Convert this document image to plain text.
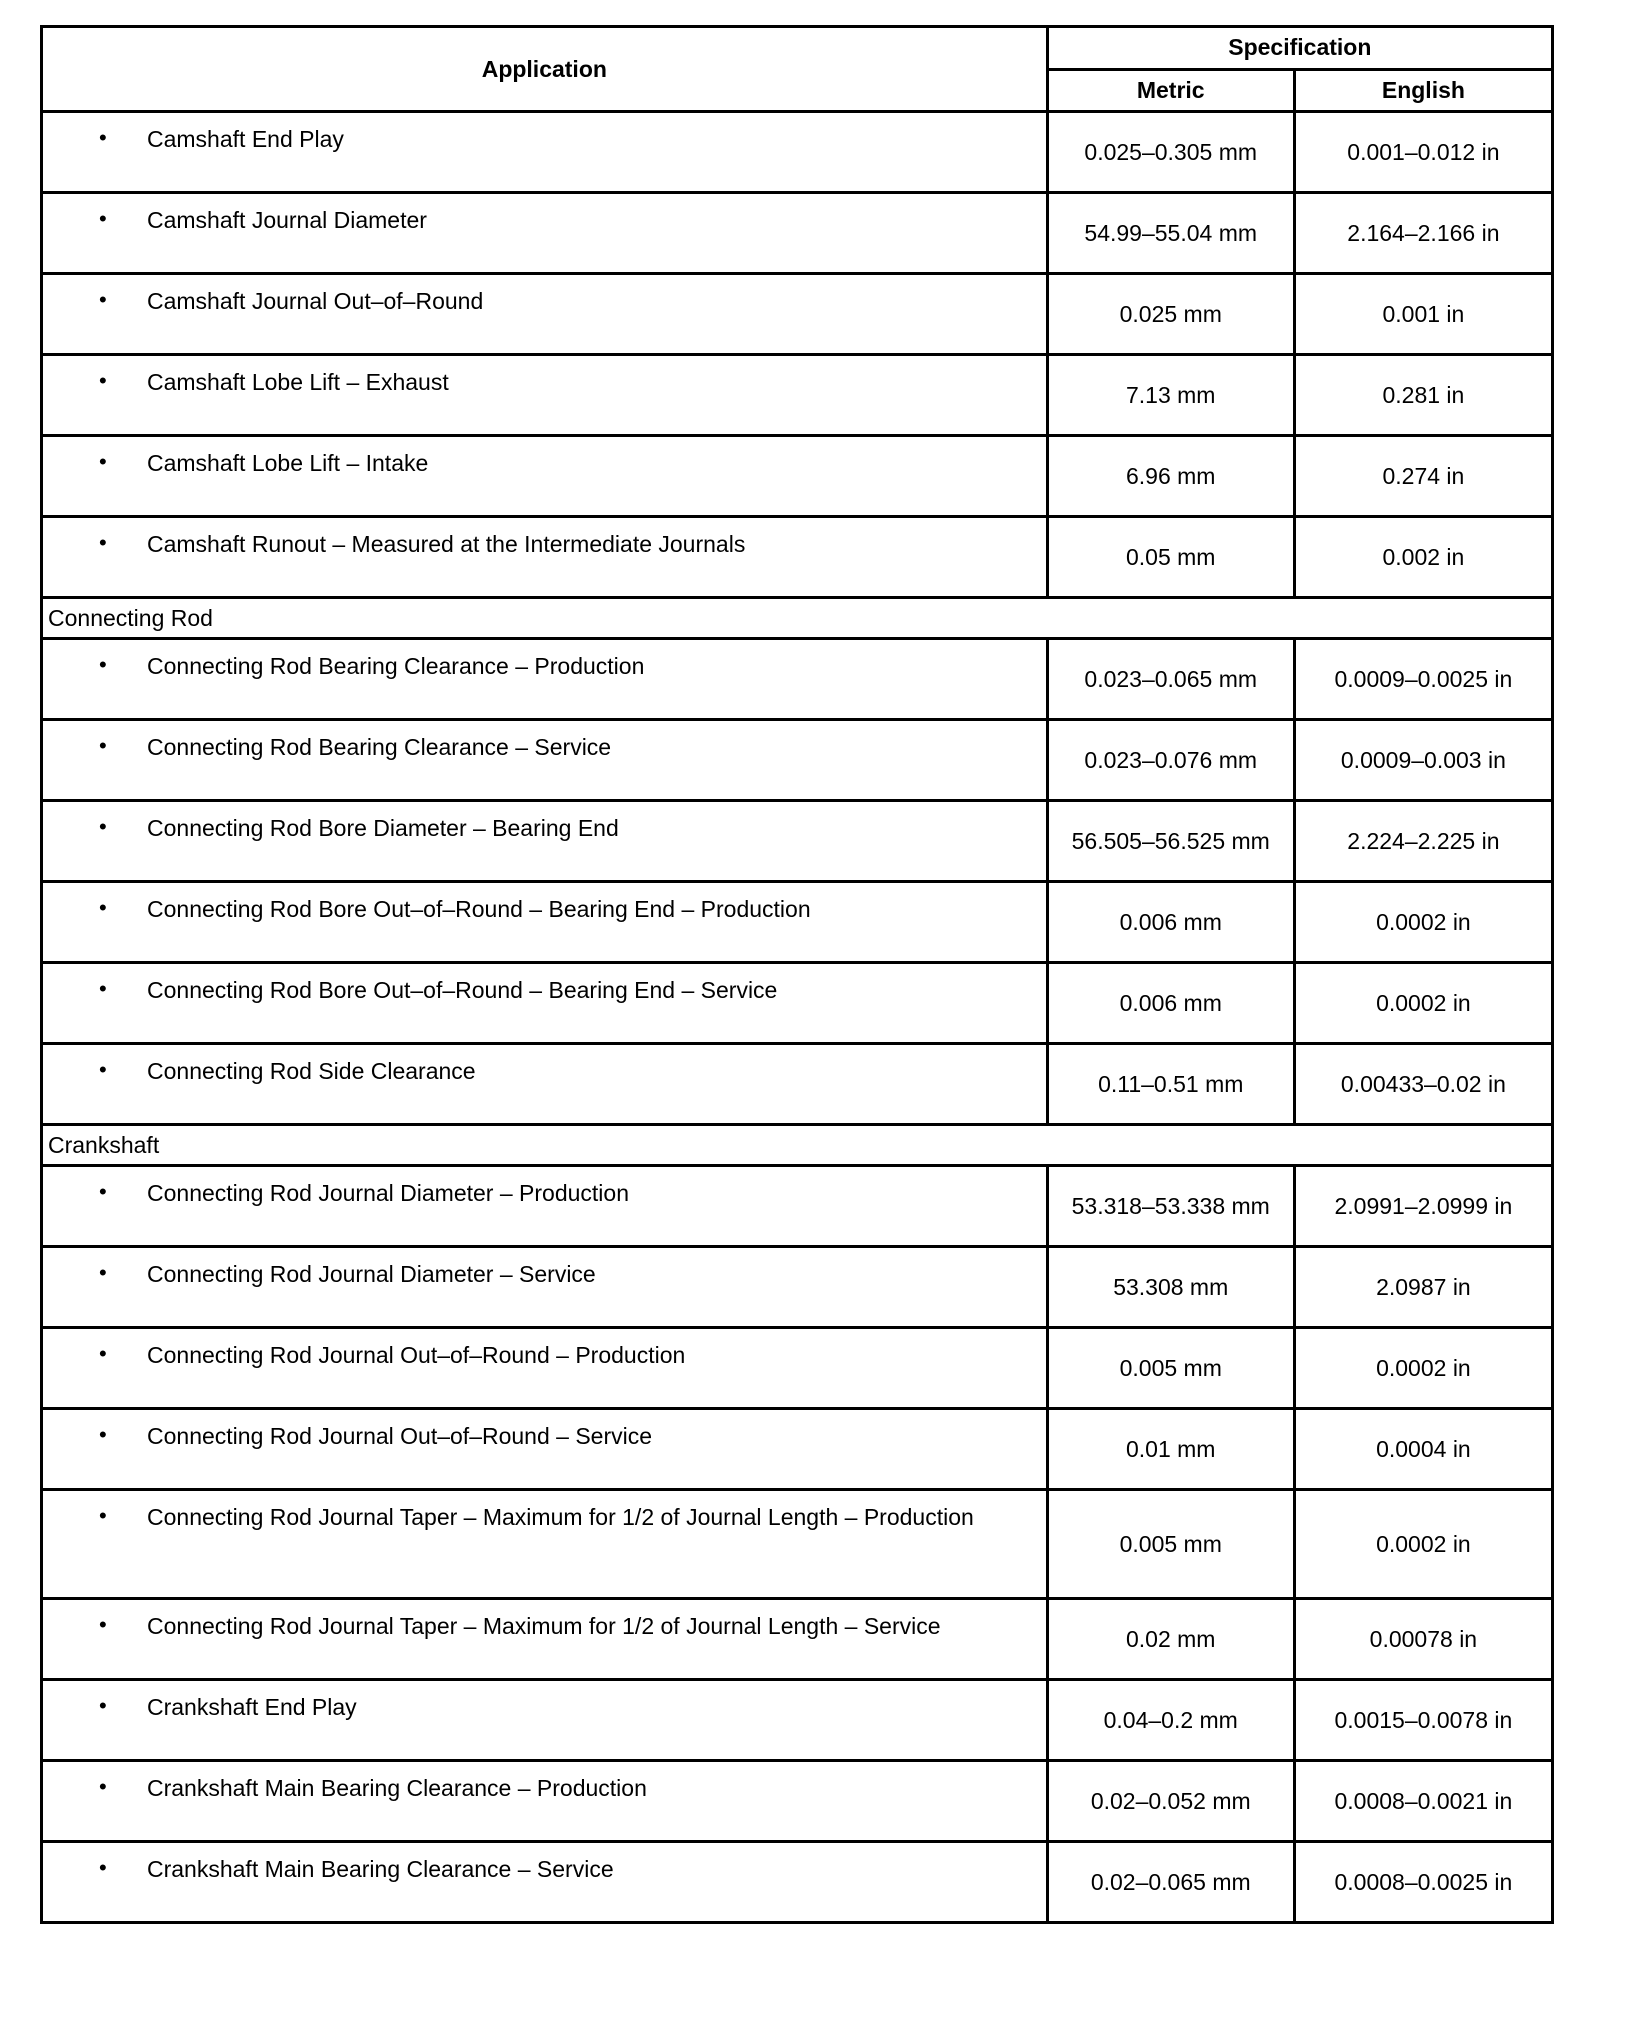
Application	Specification	
	Metric	English

• Camshaft End Play	0.025–0.305 mm	0.001–0.012 in

• Camshaft Journal Diameter	54.99–55.04 mm	2.164–2.166 in

• Camshaft Journal Out–of–Round	0.025 mm	0.001 in

• Camshaft Lobe Lift – Exhaust	7.13 mm	0.281 in

• Camshaft Lobe Lift – Intake	6.96 mm	0.274 in

• Camshaft Runout – Measured at the Intermediate Journals	0.05 mm	0.002 in
Connecting Rod		

• Connecting Rod Bearing Clearance – Production	0.023–0.065 mm	0.0009–0.0025 in

• Connecting Rod Bearing Clearance – Service	0.023–0.076 mm	0.0009–0.003 in

• Connecting Rod Bore Diameter – Bearing End	56.505–56.525 mm	2.224–2.225 in

• Connecting Rod Bore Out–of–Round – Bearing End – Production	0.006 mm	0.0002 in

• Connecting Rod Bore Out–of–Round – Bearing End – Service	0.006 mm	0.0002 in

• Connecting Rod Side Clearance	0.11–0.51 mm	0.00433–0.02 in
Crankshaft		

• Connecting Rod Journal Diameter – Production	53.318–53.338 mm	2.0991–2.0999 in

• Connecting Rod Journal Diameter – Service	53.308 mm	2.0987 in

• Connecting Rod Journal Out–of–Round – Production	0.005 mm	0.0002 in

• Connecting Rod Journal Out–of–Round – Service	0.01 mm	0.0004 in

• Connecting Rod Journal Taper – Maximum for 1/2 of Journal Length – Production	0.005 mm	0.0002 in

• Connecting Rod Journal Taper – Maximum for 1/2 of Journal Length – Service	0.02 mm	0.00078 in

• Crankshaft End Play	0.04–0.2 mm	0.0015–0.0078 in

• Crankshaft Main Bearing Clearance – Production	0.02–0.052 mm	0.0008–0.0021 in

• Crankshaft Main Bearing Clearance – Service	0.02–0.065 mm	0.0008–0.0025 in
